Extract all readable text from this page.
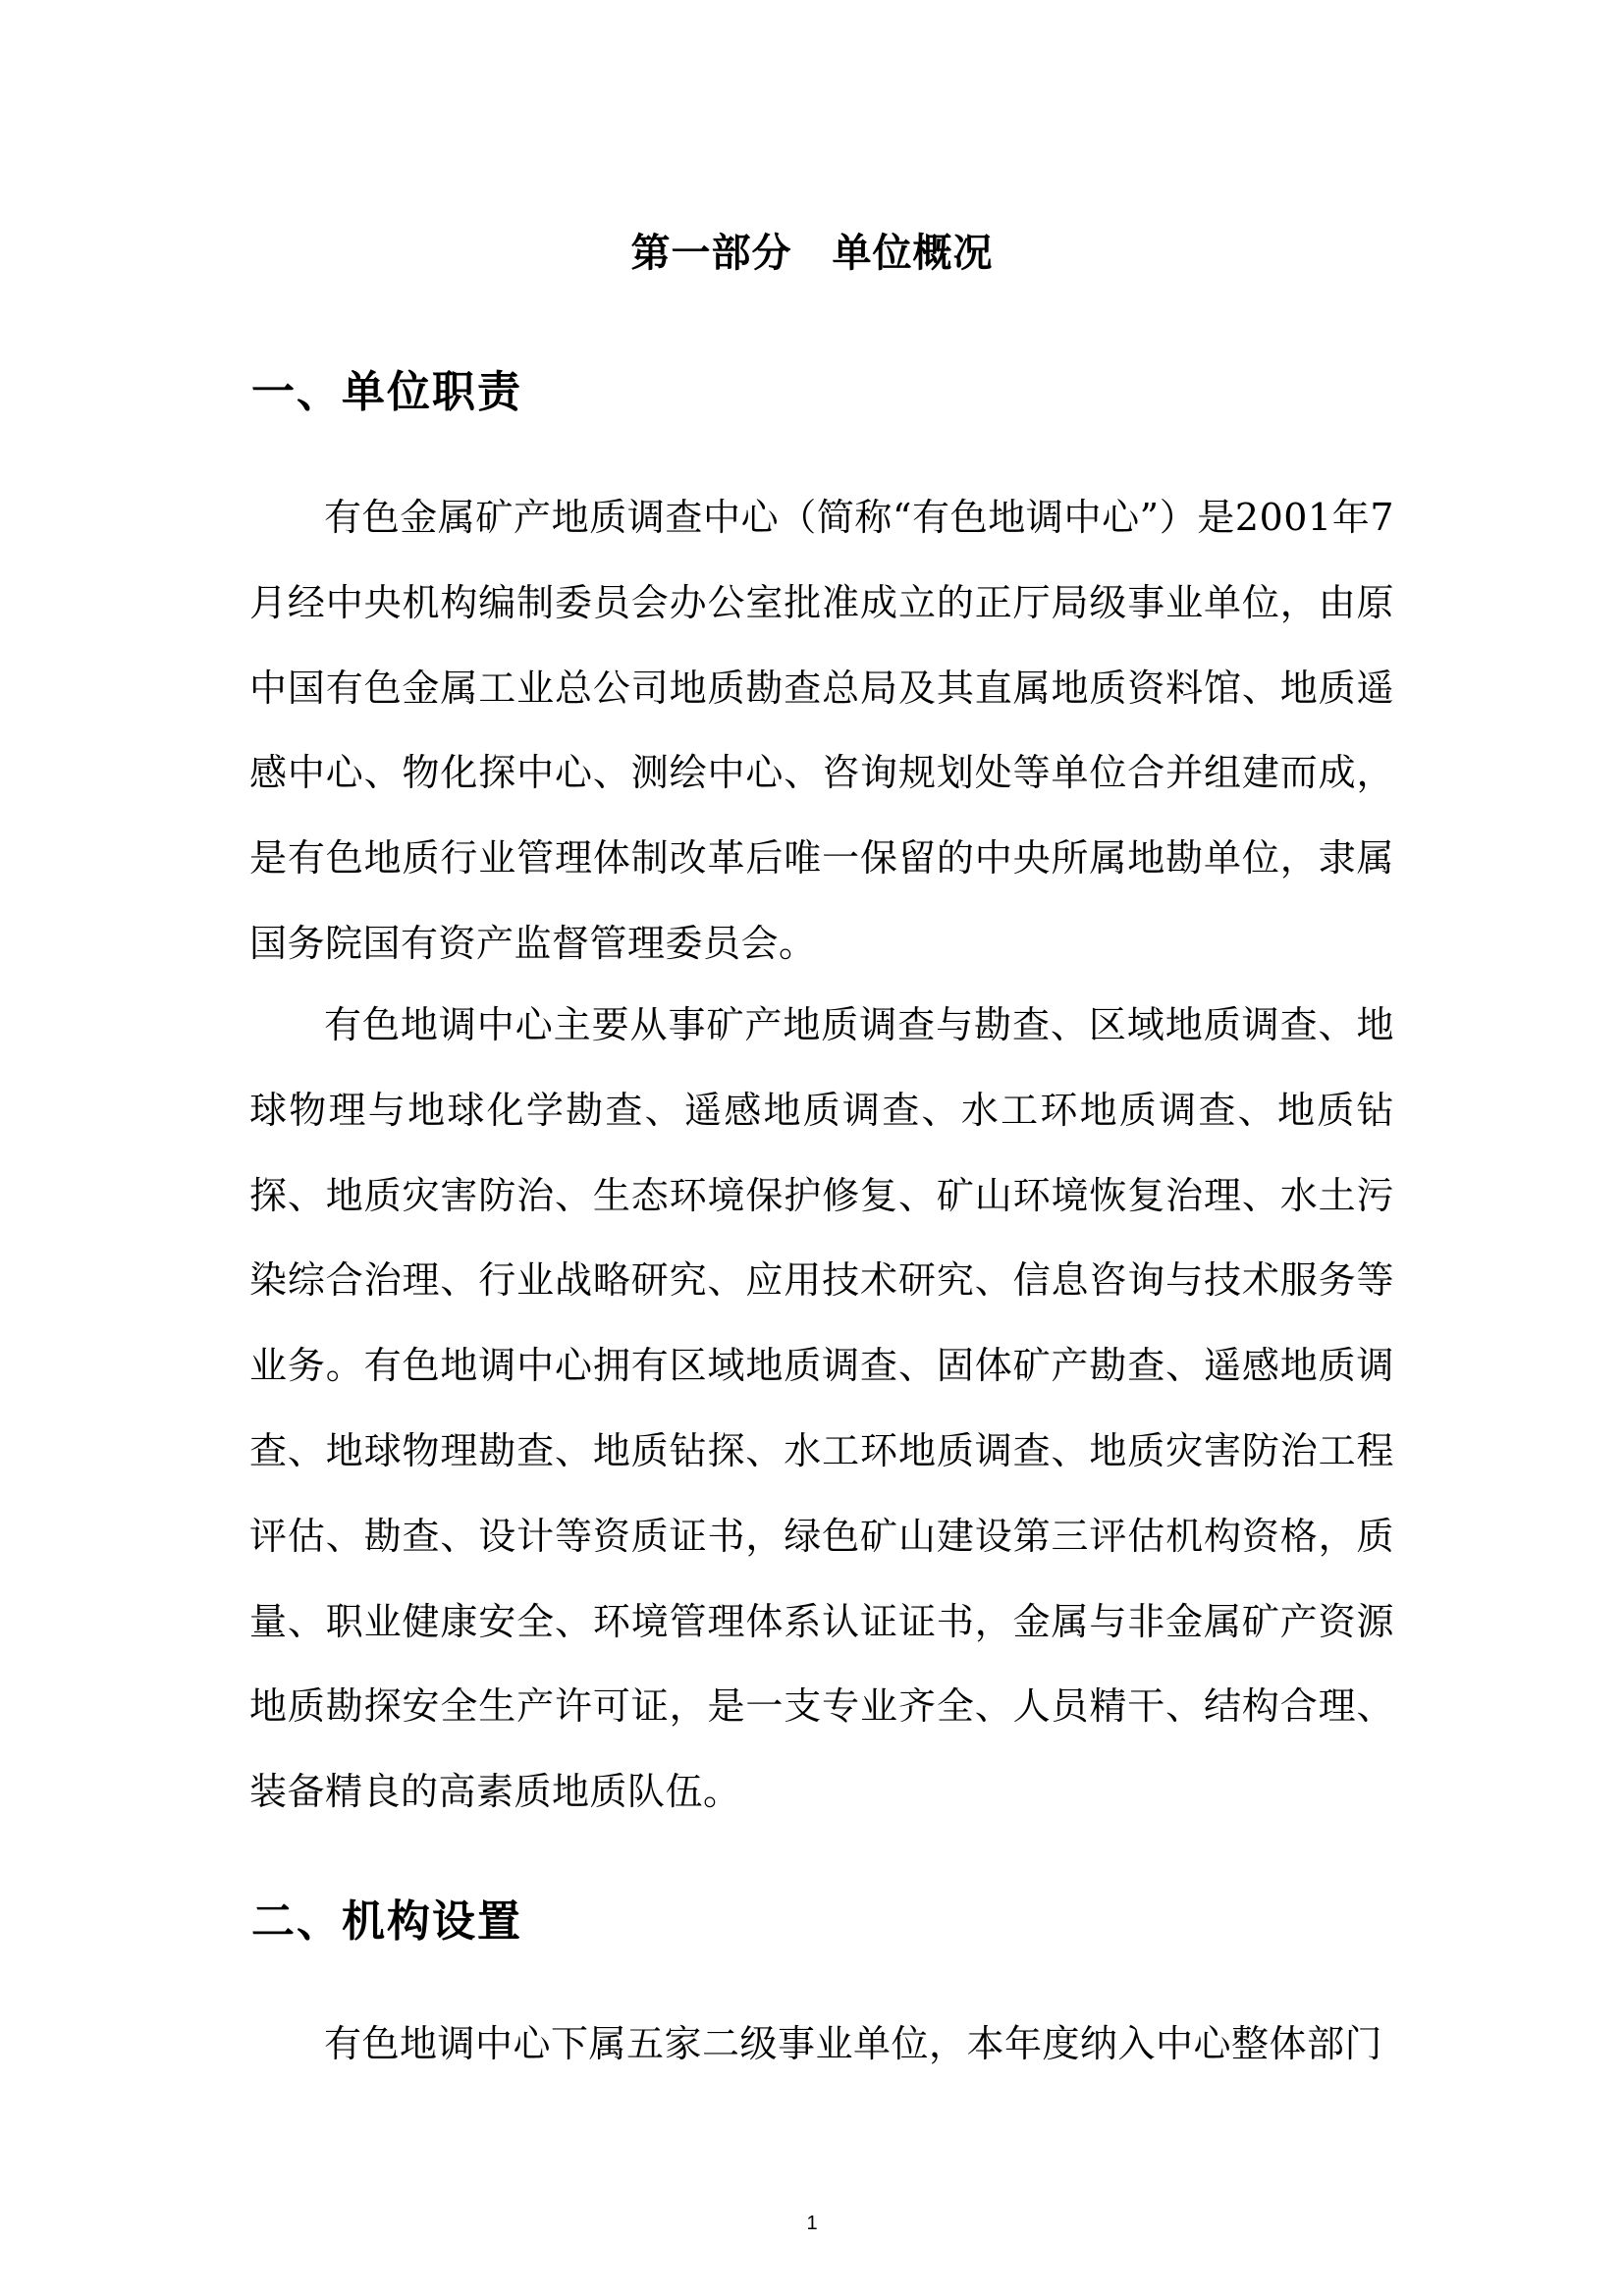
第一部分　单位概况
一、单位职责

有色金属矿产地质调查中心（简称“有色地调中心”）是2001年7月经中央机构编制委员会办公室批准成立的正厅局级事业单位，由原中国有色金属工业总公司地质勘查总局及其直属地质资料馆、地质遥感中心、物化探中心、测绘中心、咨询规划处等单位合并组建而成，是有色地质行业管理体制改革后唯一保留的中央所属地勘单位，隶属国务院国有资产监督管理委员会。

有色地调中心主要从事矿产地质调查与勘查、区域地质调查、地球物理与地球化学勘查、遥感地质调查、水工环地质调查、地质钻探、地质灾害防治、生态环境保护修复、矿山环境恢复治理、水土污染综合治理、行业战略研究、应用技术研究、信息咨询与技术服务等业务。有色地调中心拥有区域地质调查、固体矿产勘查、遥感地质调查、地球物理勘查、地质钻探、水工环地质调查、地质灾害防治工程评估、勘查、设计等资质证书，绿色矿山建设第三评估机构资格，质量、职业健康安全、环境管理体系认证证书，金属与非金属矿产资源地质勘探安全生产许可证，是一支专业齐全、人员精干、结构合理、装备精良的高素质地质队伍。

二、机构设置

有色地调中心下属五家二级事业单位，本年度纳入中心整体部门

1
